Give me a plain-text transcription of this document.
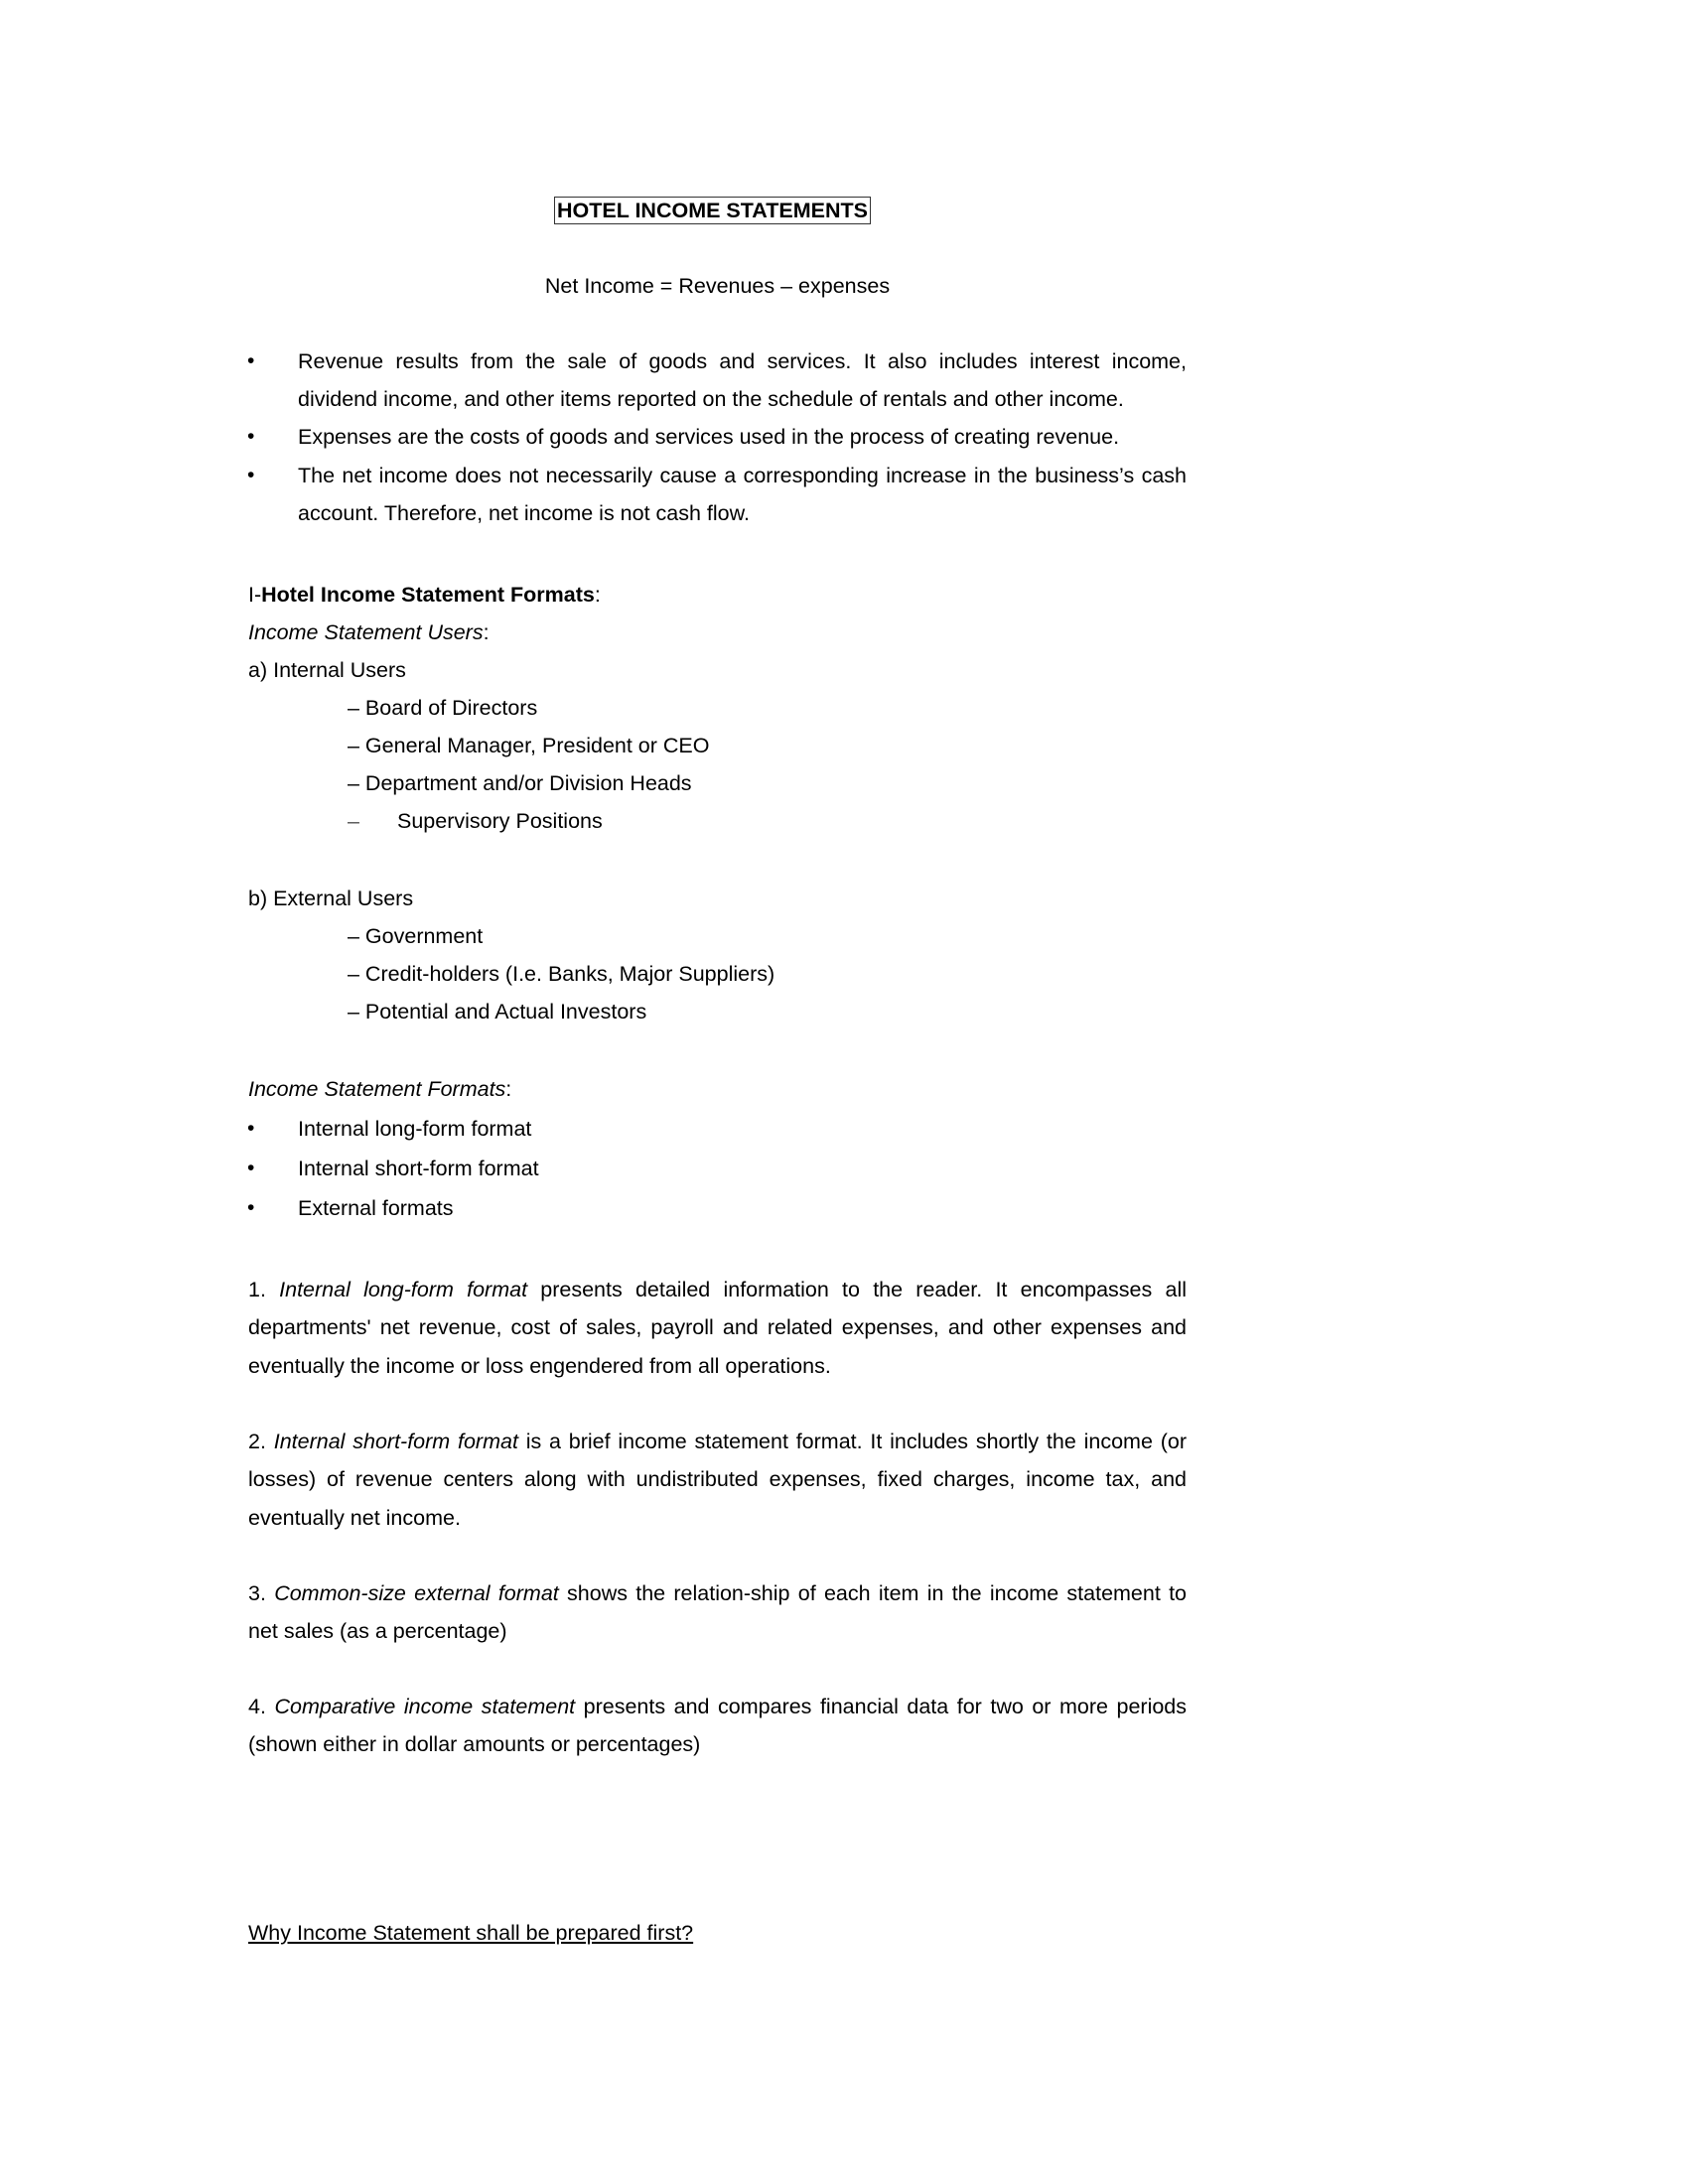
HOTEL INCOME STATEMENTS
Net Income = Revenues – expenses
• Revenue results from the sale of goods and services. It also includes interest income, dividend income, and other items reported on the schedule of rentals and other income.
• Expenses are the costs of goods and services used in the process of creating revenue.
• The net income does not necessarily cause a corresponding increase in the business’s cash account. Therefore, net income is not cash flow.
I-Hotel Income Statement Formats:
Income Statement Users:
a) Internal Users
– Board of Directors
– General Manager, President or CEO
– Department and/or Division Heads
– Supervisory Positions
b) External Users
– Government
– Credit-holders (I.e. Banks, Major Suppliers)
– Potential and Actual Investors
Income Statement Formats:
• Internal long-form format
• Internal short-form format
• External formats
1. Internal long-form format presents detailed information to the reader. It encompasses all departments' net revenue, cost of sales, payroll and related expenses, and other expenses and eventually the income or loss engendered from all operations.
2. Internal short-form format is a brief income statement format. It includes shortly the income (or losses) of revenue centers along with undistributed expenses, fixed charges, income tax, and eventually net income.
3. Common-size external format shows the relation-ship of each item in the income statement to net sales (as a percentage)
4. Comparative income statement presents and compares financial data for two or more periods (shown either in dollar amounts or percentages)
Why Income Statement shall be prepared first?
